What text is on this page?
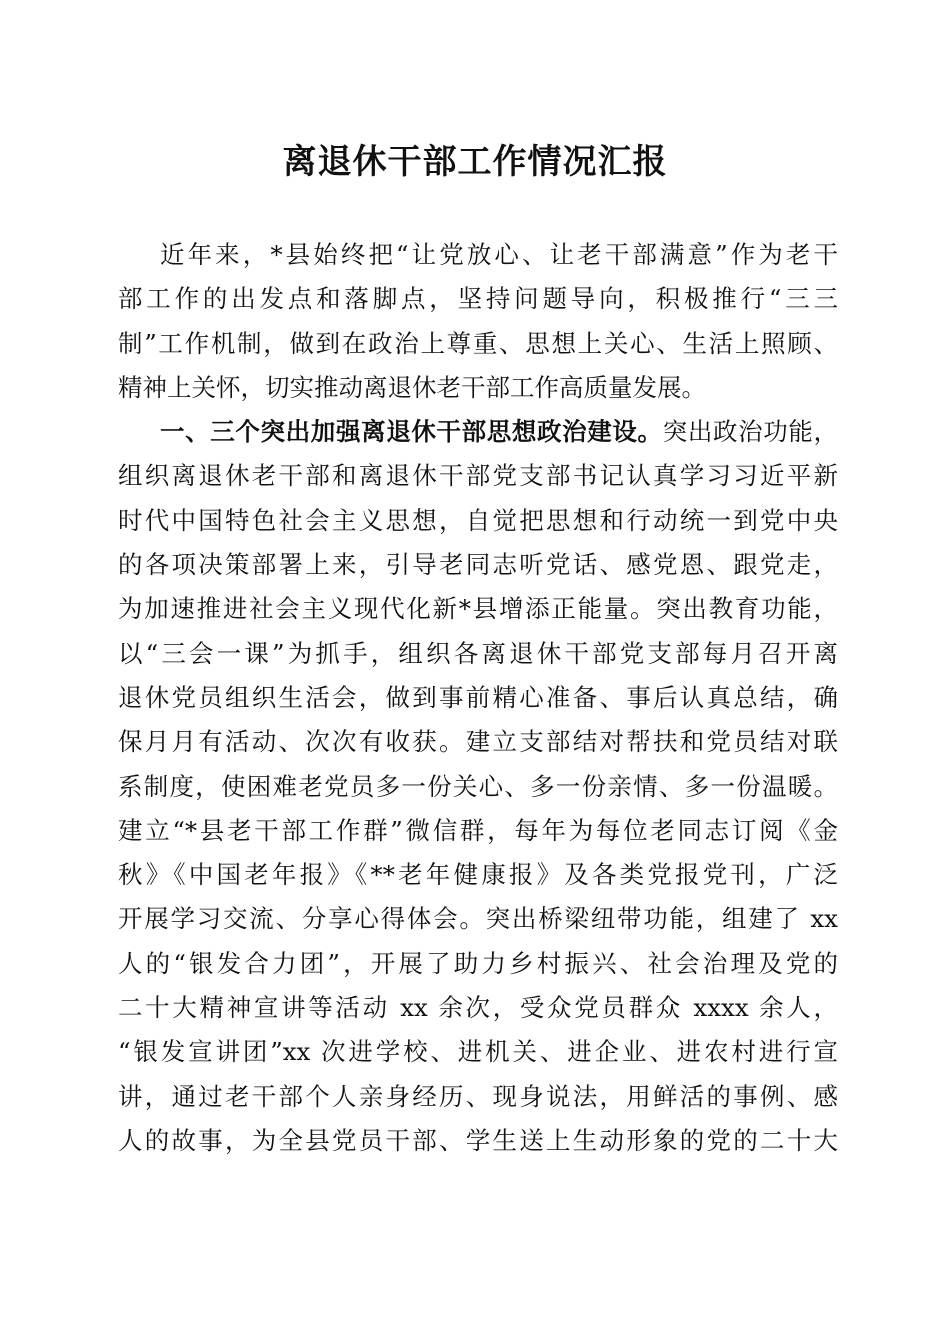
离退休干部工作情况汇报
近年来，*县始终把“让党放心、让老干部满意”作为老干
部工作的出发点和落脚点，坚持问题导向，积极推行“三三
制”工作机制，做到在政治上尊重、思想上关心、生活上照顾、
精神上关怀，切实推动离退休老干部工作高质量发展。
一、三个突出加强离退休干部思想政治建设。突出政治功能，
组织离退休老干部和离退休干部党支部书记认真学习习近平新
时代中国特色社会主义思想，自觉把思想和行动统一到党中央
的各项决策部署上来，引导老同志听党话、感党恩、跟党走，
为加速推进社会主义现代化新*县增添正能量。突出教育功能，
以“三会一课”为抓手，组织各离退休干部党支部每月召开离
退休党员组织生活会，做到事前精心准备、事后认真总结，确
保月月有活动、次次有收获。建立支部结对帮扶和党员结对联
系制度，使困难老党员多一份关心、多一份亲情、多一份温暖。
建立“*县老干部工作群”微信群，每年为每位老同志订阅《金
秋》《中国老年报》《**老年健康报》及各类党报党刊，广泛
开展学习交流、分享心得体会。突出桥梁纽带功能，组建了 xx
人的“银发合力团”，开展了助力乡村振兴、社会治理及党的
二十大精神宣讲等活动 xx 余次，受众党员群众 xxxx 余人，
“银发宣讲团”xx 次进学校、进机关、进企业、进农村进行宣
讲，通过老干部个人亲身经历、现身说法，用鲜活的事例、感
人的故事，为全县党员干部、学生送上生动形象的党的二十大
